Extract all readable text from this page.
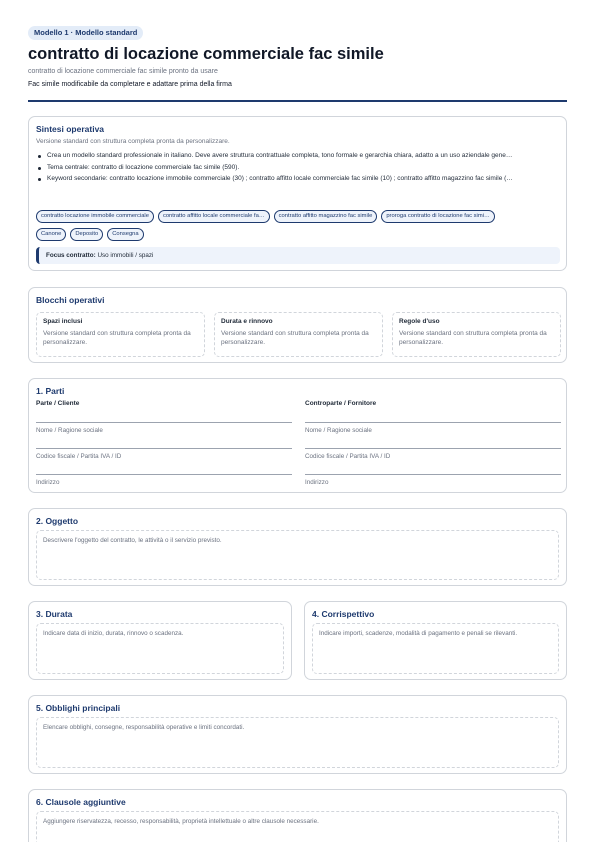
Modello 1 · Modello standard
contratto di locazione commerciale fac simile
contratto di locazione commerciale fac simile pronto da usare
Fac simile modificabile da completare e adattare prima della firma
Sintesi operativa
Versione standard con struttura completa pronta da personalizzare.
Crea un modello standard professionale in italiano. Deve avere struttura contrattuale completa, tono formale e gerarchia chiara, adatto a un uso aziendale gene…
Tema centrale: contratto di locazione commerciale fac simile (590).
Keyword secondarie: contratto locazione immobile commerciale (30) ; contratto affitto locale commerciale fac simile (10) ; contratto affitto magazzino fac simile (…
contratto locazione immobile commerciale	contratto affitto locale commerciale fa…	contratto affitto magazzino fac simile	proroga contratto di locazione fac simi…
Canone	Deposito	Consegna
Focus contratto: Uso immobili / spazi
Blocchi operativi
Spazi inclusi
Versione standard con struttura completa pronta da personalizzare.
Durata e rinnovo
Versione standard con struttura completa pronta da personalizzare.
Regole d'uso
Versione standard con struttura completa pronta da personalizzare.
1. Parti
Parte / Cliente
Nome / Ragione sociale
Codice fiscale / Partita IVA / ID
Indirizzo
Controparte / Fornitore
Nome / Ragione sociale
Codice fiscale / Partita IVA / ID
Indirizzo
2. Oggetto
Descrivere l'oggetto del contratto, le attività o il servizio previsto.
3. Durata
Indicare data di inizio, durata, rinnovo o scadenza.
4. Corrispettivo
Indicare importi, scadenze, modalità di pagamento e penali se rilevanti.
5. Obblighi principali
Elencare obblighi, consegne, responsabilità operative e limiti concordati.
6. Clausole aggiuntive
Aggiungere riservatezza, recesso, responsabilità, proprietà intellettuale o altre clausole necessarie.
